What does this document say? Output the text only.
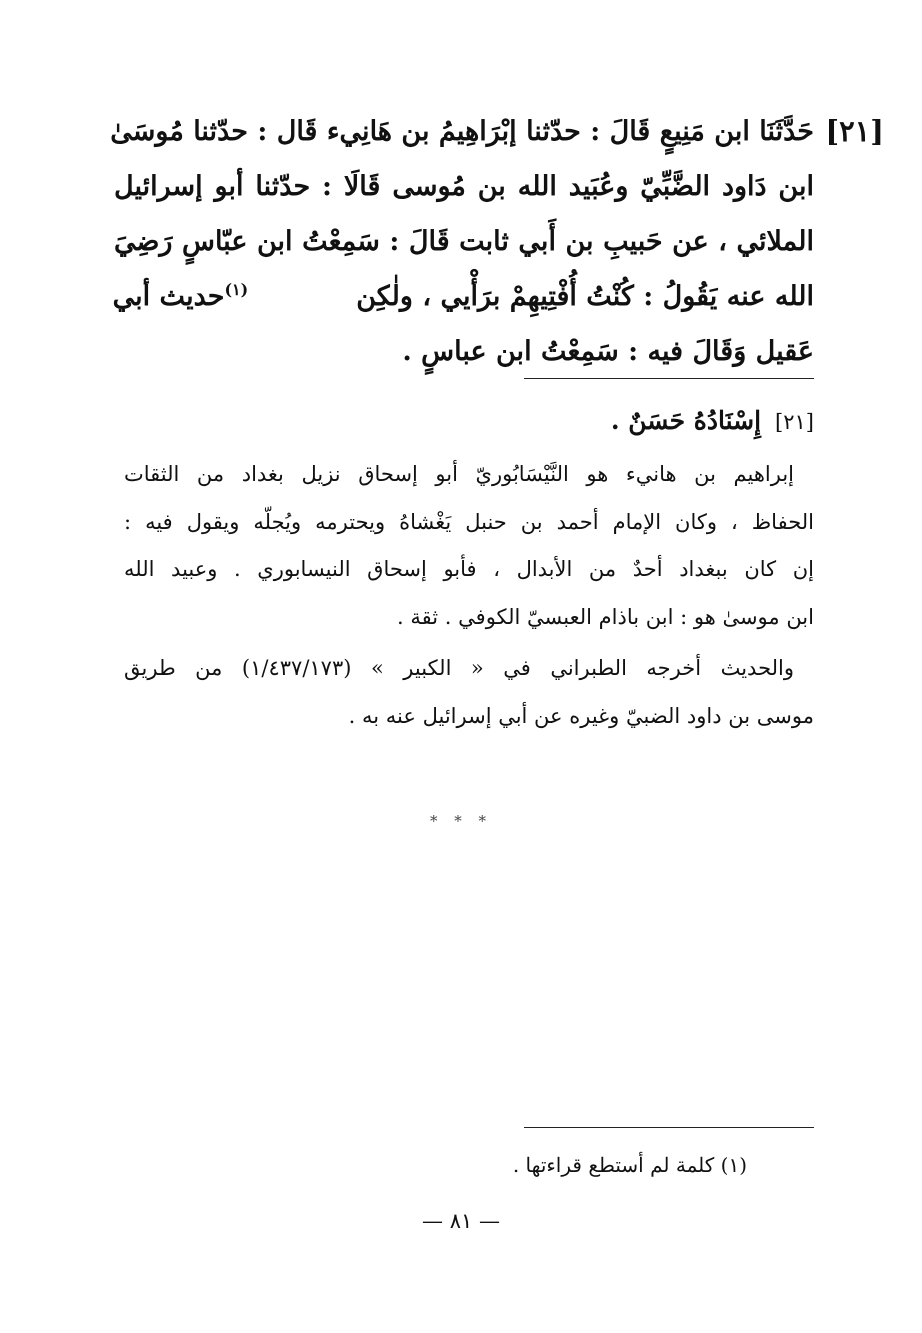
[٢١]
حَدَّثَنَا ابن مَنِيعٍ قَالَ : حدّثنا إبْرَاهِيمُ بن هَانِيء قَال : حدّثنا مُوسَىٰ
ابن دَاود الضَّبِّيّ وعُبَيد الله بن مُوسى قَالَا : حدّثنا أبو إسرائيل
الملائي ، عن حَبيبِ بن أَبي ثابت قَالَ : سَمِعْتُ ابن عبّاسٍ رَضِيَ
الله عنه يَقُولُ : كُنْتُ أُفْتِيهِمْ برَأْيي ، ولٰكِن    $^{(١)}$حديث أبي
عَقيل وَقَالَ فيه : سَمِعْتُ ابن عباسٍ .
[٢١]إِسْنَادُهُ حَسَنٌ .
إبراهيم بن هانيء هو النَّيْسَابُوريّ أبو إسحاق نزيل بغداد من الثقات
الحفاظ ، وكان الإمام أحمد بن حنبل يَغْشاهُ ويحترمه ويُجلّه ويقول فيه :
إن كان ببغداد أحدٌ من الأبدال ، فأبو إسحاق النيسابوري . وعبيد الله
ابن موسىٰ هو : ابن باذام العبسيّ الكوفي . ثقة .
والحديث أخرجه الطبراني في « الكبير » (١/٤٣٧/١٧٣) من طريق
موسى بن داود الضبيّ وغيره عن أبي إسرائيل عنه به .
* * *
(١) كلمة لم أستطع قراءتها .
— ٨١ —
